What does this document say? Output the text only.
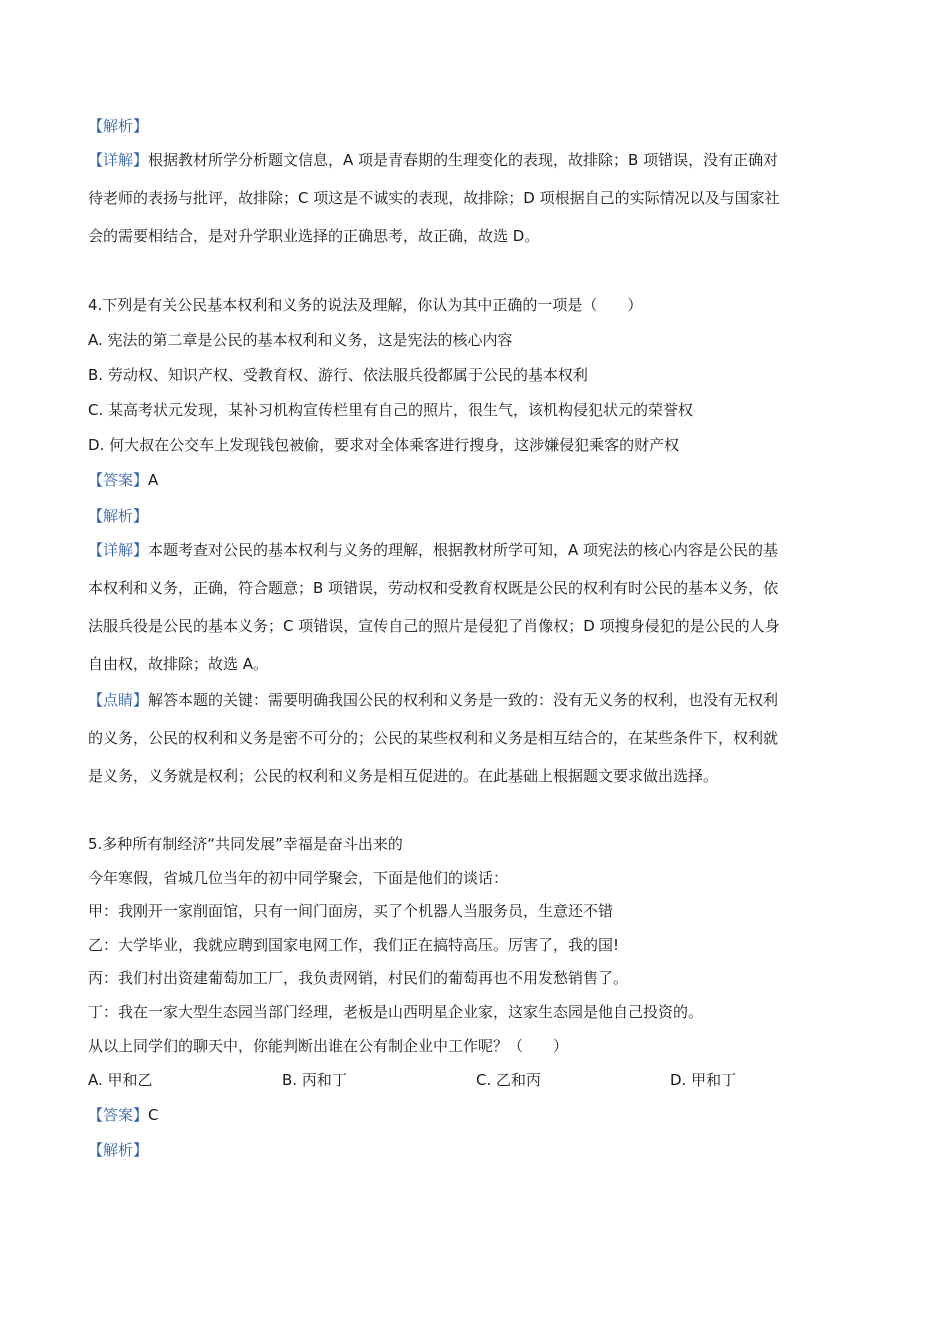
【解析】
【详解】根据教材所学分析题文信息，A 项是青春期的生理变化的表现，故排除；B 项错误，没有正确对
待老师的表扬与批评，故排除；C 项这是不诚实的表现，故排除；D 项根据自己的实际情况以及与国家社
会的需要相结合，是对升学职业选择的正确思考，故正确，故选 D。
4.下列是有关公民基本权利和义务的说法及理解，你认为其中正确的一项是（　　）
A. 宪法的第二章是公民的基本权利和义务，这是宪法的核心内容
B. 劳动权、知识产权、受教育权、游行、依法服兵役都属于公民的基本权利
C. 某高考状元发现，某补习机构宣传栏里有自己的照片，很生气，该机构侵犯状元的荣誉权
D. 何大叔在公交车上发现钱包被偷，要求对全体乘客进行搜身，这涉嫌侵犯乘客的财产权
【答案】A
【解析】
【详解】本题考查对公民的基本权利与义务的理解，根据教材所学可知，A 项宪法的核心内容是公民的基
本权利和义务，正确，符合题意；B 项错误，劳动权和受教育权既是公民的权利有时公民的基本义务，依
法服兵役是公民的基本义务；C 项错误，宣传自己的照片是侵犯了肖像权；D 项搜身侵犯的是公民的人身
自由权，故排除；故选 A。
【点睛】解答本题的关键：需要明确我国公民的权利和义务是一致的：没有无义务的权利，也没有无权利
的义务，公民的权利和义务是密不可分的；公民的某些权利和义务是相互结合的，在某些条件下，权利就
是义务，义务就是权利；公民的权利和义务是相互促进的。在此基础上根据题文要求做出选择。
5.多种所有制经济“共同发展”幸福是奋斗出来的
今年寒假，省城几位当年的初中同学聚会，下面是他们的谈话：
甲：我刚开一家削面馆，只有一间门面房，买了个机器人当服务员，生意还不错
乙：大学毕业，我就应聘到国家电网工作，我们正在搞特高压。厉害了，我的国!
丙：我们村出资建葡萄加工厂，我负责网销，村民们的葡萄再也不用发愁销售了。
丁：我在一家大型生态园当部门经理，老板是山西明星企业家，这家生态园是他自己投资的。
从以上同学们的聊天中，你能判断出谁在公有制企业中工作呢？（　　）
A. 甲和乙	B. 丙和丁	C. 乙和丙	D. 甲和丁
【答案】C
【解析】
